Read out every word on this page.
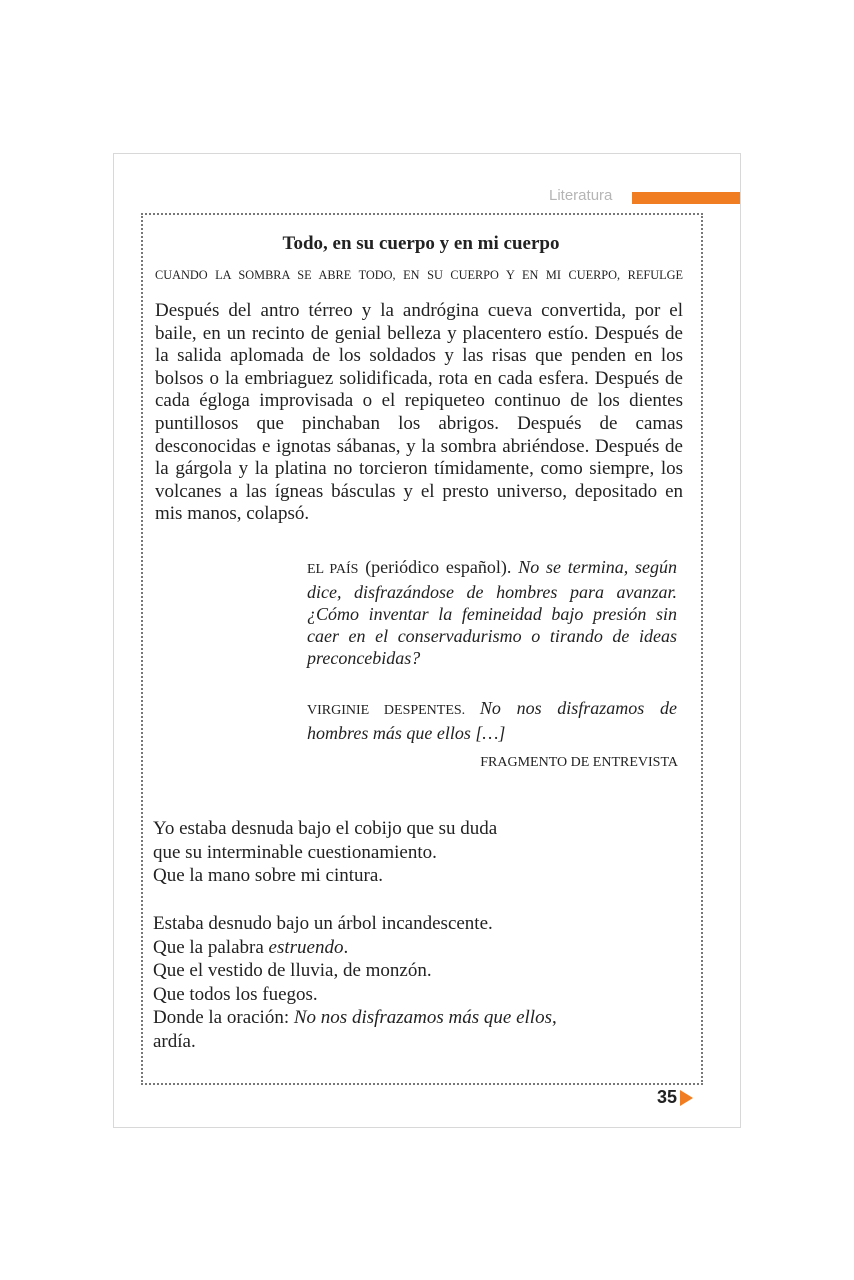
Literatura
Todo, en su cuerpo y en mi cuerpo
CUANDO LA SOMBRA SE ABRE TODO, EN SU CUERPO Y EN MI CUERPO, REFULGE

Después del antro térreo y la andrógina cueva convertida, por el baile, en un recinto de genial belleza y placentero estío. Después de la salida aplomada de los soldados y las risas que penden en los bolsos o la embriaguez solidificada, rota en cada esfera. Después de cada égloga improvisada o el repiqueteo continuo de los dientes puntillosos que pinchaban los abrigos. Después de camas desconocidas e ignotas sábanas, y la sombra abriéndose. Después de la gárgola y la platina no torcieron tímidamente, como siempre, los volcanes a las ígneas básculas y el presto universo, depositado en mis manos, colapsó.

EL PAÍS (periódico español). No se termina, según dice, disfrazándose de hombres para avanzar. ¿Cómo inventar la femineidad bajo presión sin caer en el conservadurismo o tirando de ideas preconcebidas?

VIRGINIE DESPENTES. No nos disfrazamos de hombres más que ellos […]

FRAGMENTO DE ENTREVISTA
Yo estaba desnuda bajo el cobijo que su duda
que su interminable cuestionamiento.
Que la mano sobre mi cintura.
Estaba desnudo bajo un árbol incandescente.
Que la palabra estruendo.
Que el vestido de lluvia, de monzón.
Que todos los fuegos.
Donde la oración: No nos disfrazamos más que ellos,
ardía.
35
